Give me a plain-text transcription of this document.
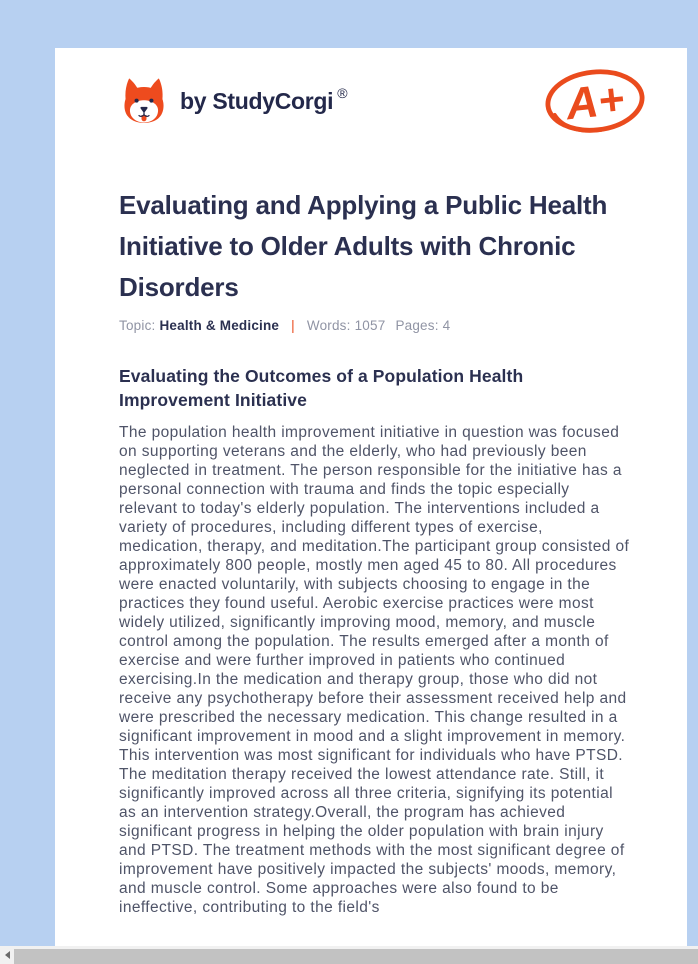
by StudyCorgi ®	A+
Evaluating and Applying a Public Health Initiative to Older Adults with Chronic Disorders
Topic: Health & Medicine | Words: 1057 Pages: 4
Evaluating the Outcomes of a Population Health Improvement Initiative

The population health improvement initiative in question was focused on supporting veterans and the elderly, who had previously been neglected in treatment. The person responsible for the initiative has a personal connection with trauma and finds the topic especially relevant to today's elderly population. The interventions included a variety of procedures, including different types of exercise, medication, therapy, and meditation.The participant group consisted of approximately 800 people, mostly men aged 45 to 80. All procedures were enacted voluntarily, with subjects choosing to engage in the practices they found useful. Aerobic exercise practices were most widely utilized, significantly improving mood, memory, and muscle control among the population. The results emerged after a month of exercise and were further improved in patients who continued exercising.In the medication and therapy group, those who did not receive any psychotherapy before their assessment received help and were prescribed the necessary medication. This change resulted in a significant improvement in mood and a slight improvement in memory. This intervention was most significant for individuals who have PTSD. The meditation therapy received the lowest attendance rate. Still, it significantly improved across all three criteria, signifying its potential as an intervention strategy.Overall, the program has achieved significant progress in helping the older population with brain injury and PTSD. The treatment methods with the most significant degree of improvement have positively impacted the subjects' moods, memory, and muscle control. Some approaches were also found to be ineffective, contributing to the field's
